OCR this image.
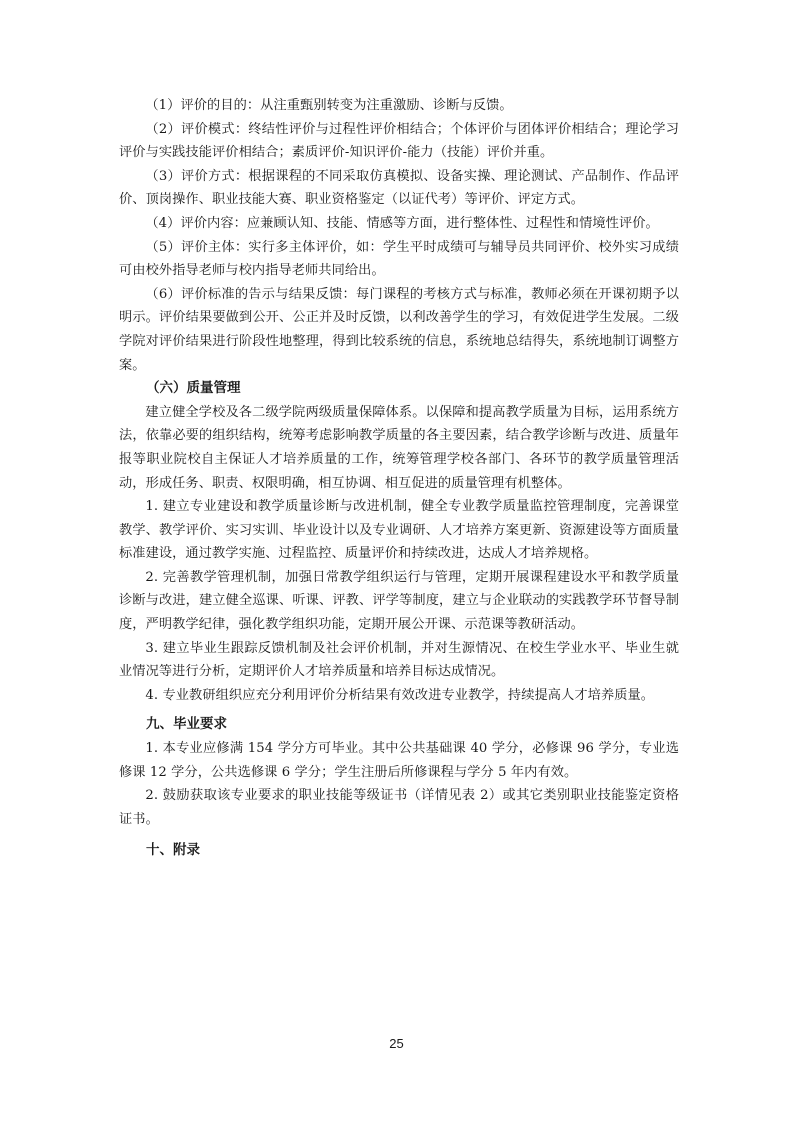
（1）评价的目的：从注重甄别转变为注重激励、诊断与反馈。

（2）评价模式：终结性评价与过程性评价相结合；个体评价与团体评价相结合；理论学习评价与实践技能评价相结合；素质评价-知识评价-能力（技能）评价并重。

（3）评价方式：根据课程的不同采取仿真模拟、设备实操、理论测试、产品制作、作品评价、顶岗操作、职业技能大赛、职业资格鉴定（以证代考）等评价、评定方式。

（4）评价内容：应兼顾认知、技能、情感等方面，进行整体性、过程性和情境性评价。

（5）评价主体：实行多主体评价，如：学生平时成绩可与辅导员共同评价、校外实习成绩可由校外指导老师与校内指导老师共同给出。

（6）评价标准的告示与结果反馈：每门课程的考核方式与标准，教师必须在开课初期予以明示。评价结果要做到公开、公正并及时反馈，以利改善学生的学习，有效促进学生发展。二级学院对评价结果进行阶段性地整理，得到比较系统的信息，系统地总结得失，系统地制订调整方案。

（六）质量管理

建立健全学校及各二级学院两级质量保障体系。以保障和提高教学质量为目标，运用系统方法，依靠必要的组织结构，统筹考虑影响教学质量的各主要因素，结合教学诊断与改进、质量年报等职业院校自主保证人才培养质量的工作，统筹管理学校各部门、各环节的教学质量管理活动，形成任务、职责、权限明确，相互协调、相互促进的质量管理有机整体。

1. 建立专业建设和教学质量诊断与改进机制，健全专业教学质量监控管理制度，完善课堂教学、教学评价、实习实训、毕业设计以及专业调研、人才培养方案更新、资源建设等方面质量标准建设，通过教学实施、过程监控、质量评价和持续改进，达成人才培养规格。

2. 完善教学管理机制，加强日常教学组织运行与管理，定期开展课程建设水平和教学质量诊断与改进，建立健全巡课、听课、评教、评学等制度，建立与企业联动的实践教学环节督导制度，严明教学纪律，强化教学组织功能，定期开展公开课、示范课等教研活动。

3. 建立毕业生跟踪反馈机制及社会评价机制，并对生源情况、在校生学业水平、毕业生就业情况等进行分析，定期评价人才培养质量和培养目标达成情况。

4. 专业教研组织应充分利用评价分析结果有效改进专业教学，持续提高人才培养质量。

九、毕业要求

1. 本专业应修满 154 学分方可毕业。其中公共基础课 40 学分，必修课 96 学分，专业选修课 12 学分，公共选修课 6 学分；学生注册后所修课程与学分 5 年内有效。

2. 鼓励获取该专业要求的职业技能等级证书（详情见表 2）或其它类别职业技能鉴定资格证书。

十、附录

25
